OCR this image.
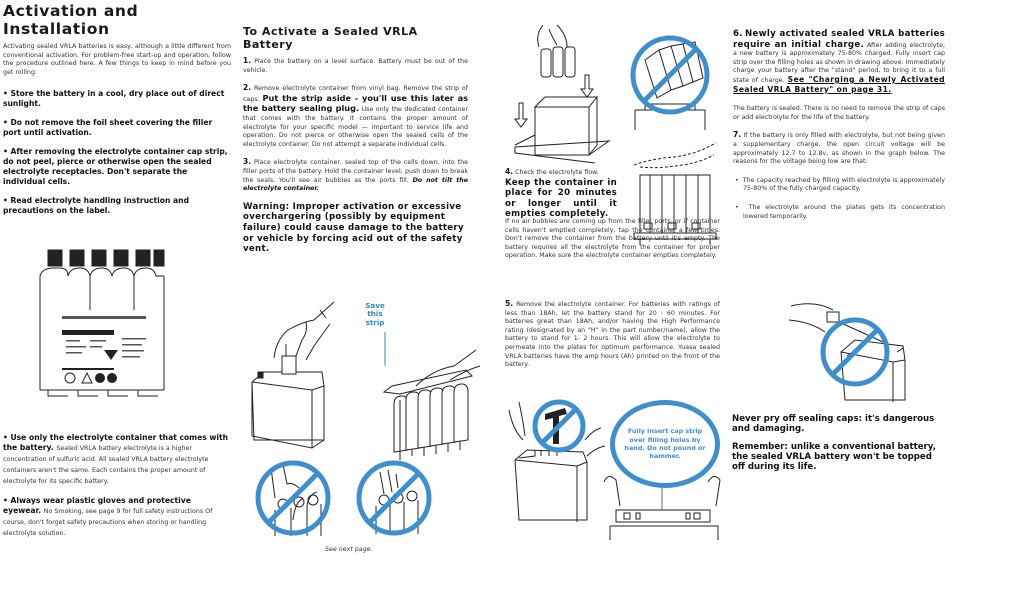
Activation and Installation

Activating sealed VRLA batteries is easy, although a little different from conventional activation. For problem-free start-up and operation, follow the procedure outlined here. A few things to keep in mind before you get rolling:

• Store the battery in a cool, dry place out of direct sunlight.

• Do not remove the foil sheet covering the filler port until activation.

• After removing the electrolyte container cap strip, do not peel, pierce or otherwise open the sealed electrolyte receptacles. Don't separate the individual cells.

• Read electrolyte handling instruction and precautions on the label.

• Use only the electrolyte container that comes with the battery. Sealed VRLA battery electrolyte is a higher concentration of sulfuric acid. All sealed VRLA battery electrolyte containers aren't the same. Each contains the proper amount of electrolyte for its specific battery.

• Always wear plastic gloves and protective eyewear. No Smoking, see page 9 for full safety instructions Of course, don't forget safety precautions when storing or handling electrolyte solution.

To Activate a Sealed VRLA Battery

1. Place the battery on a level surface. Battery must be out of the vehicle.

2. Remove electrolyte container from vinyl bag. Remove the strip of caps. Put the strip aside - you'll use this later as the battery sealing plug. Use only the dedicated container that comes with the battery. It contains the proper amount of electrolyte for your specific model — important to service life and operation. Do not pierce or otherwise open the sealed cells of the electrolyte container. Do not attempt a separate individual cells.

3. Place electrolyte container, sealed top of the cells down, into the filler ports of the battery. Hold the container level, push down to break the seals. You'll see air bubbles as the ports fill. Do not tilt the electrolyte container.

Warning: Improper activation or excessive overchargering (possibly by equipment failure) could cause damage to the battery or vehicle by forcing acid out of the safety vent.

Save this strip
See next page.

4. Check the electrolyte flow.
Keep the container in place for 20 minutes or longer until it empties completely.

If no air bubbles are coming up from the filler ports, or if container cells haven't emptied completely, tap the container a few times. Don't remove the container from the battery until it's empty. The battery requires all the electrolyte from the container for proper operation. Make sure the electrolyte container empties completely.

5. Remove the electrolyte container. For batteries with ratings of less than 18Ah, let the battery stand for 20 - 60 minutes. For batteries great than 18Ah, and/or having the High Performance rating (designated by an "H" in the part number/name), allow the battery to stand for 1- 2 hours. This will allow the electrolyte to permeate into the plates for optimum performance. Yuasa sealed VRLA batteries have the amp hours (Ah) printed on the front of the battery.

Fully insert cap strip over filling holes by hand. Do not pound or hammer.

6. Newly activated sealed VRLA batteries require an initial charge. After adding electrolyte, a new battery is approximately 75-80% charged. Fully insert cap strip over the filling holes as shown in drawing above. Immediately charge your battery after the "stand" period, to bring it to a full state of charge. See "Charging a Newly Activated Sealed VRLA Battery" on page 31.

The battery is sealed. There is no need to remove the strip of caps or add electrolyte for the life of the battery.

7. If the battery is only filled with electrolyte, but not being given a supplementary charge, the open circuit voltage will be approximately 12.7 to 12.8v, as shown in the graph below. The reasons for the voltage being low are that:

•  The capacity reached by filling with electrolyte is approximately 75-80% of the fully charged capacity.

•  The electrolyte around the plates gets its concentration lowered temporarily.

Never pry off sealing caps: it's dangerous and damaging.

Remember: unlike a conventional battery, the sealed VRLA battery won't be topped off during its life.
